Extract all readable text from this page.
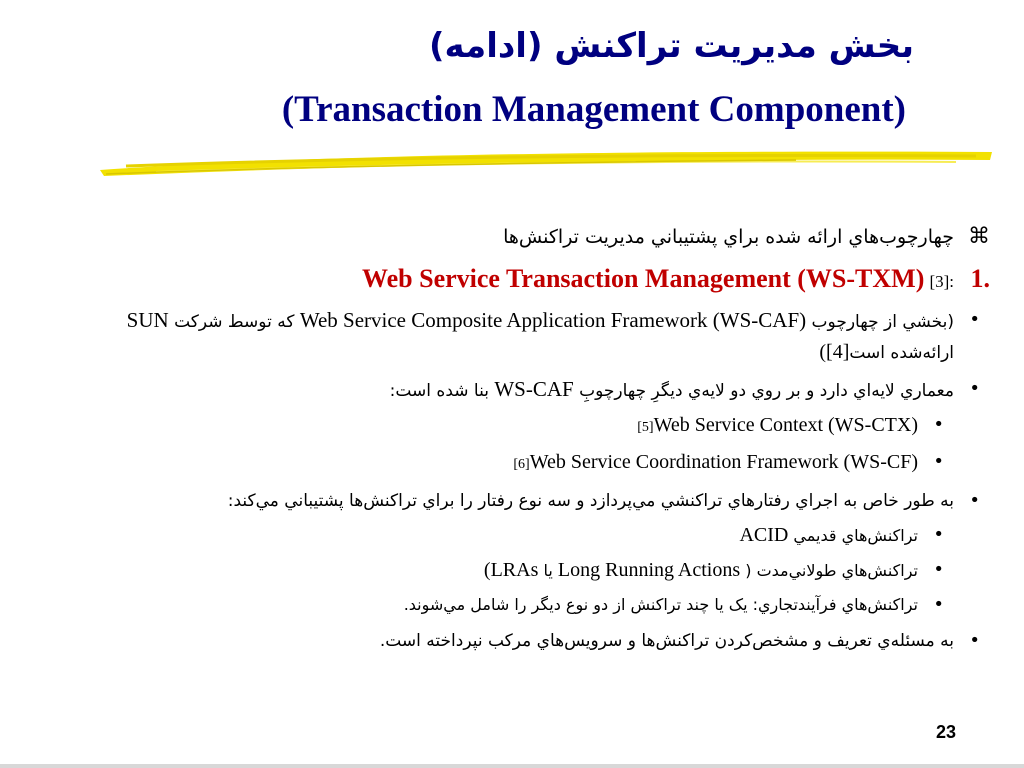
بخش مدیریت تراکنش (ادامه)
(Transaction Management Component)
⌘
چهارچوب‌هاي ارائه شده براي پشتيباني مديريت تراكنش‌ها
.1
Web Service Transaction Management (WS-TXM) [3]:
•
(بخشي از چهارچوب Web Service Composite Application Framework (WS-CAF) كه توسط شركت SUN ارائه‌شده است[4])
•
معماري لايه‌اي دارد و بر روي دو لايه‌ي ديگرِ چهارچوبِ WS-CAF بنا شده است:
•
[5]Web Service Context (WS-CTX)
•
[6]Web Service Coordination Framework (WS-CF)
•
به طور خاص به اجراي رفتارهاي تراكنشي مي‌پردازد و سه نوع رفتار را براي تراكنش‌ها پشتيباني مي‌كند:
•
تراكنش‌هاي قديمي ACID
•
تراكنش‌هاي طولاني‌مدت ( Long Running Actions يا LRAs)
•
تراكنش‌هاي فرآيندتجاري: يک يا چند تراكنش از دو نوع ديگر را شامل مي‌شوند.
•
به مسئله‌ي تعريف و مشخص‌كردن تراكنش‌ها و سرويس‌هاي مركب نپرداخته است.
23
